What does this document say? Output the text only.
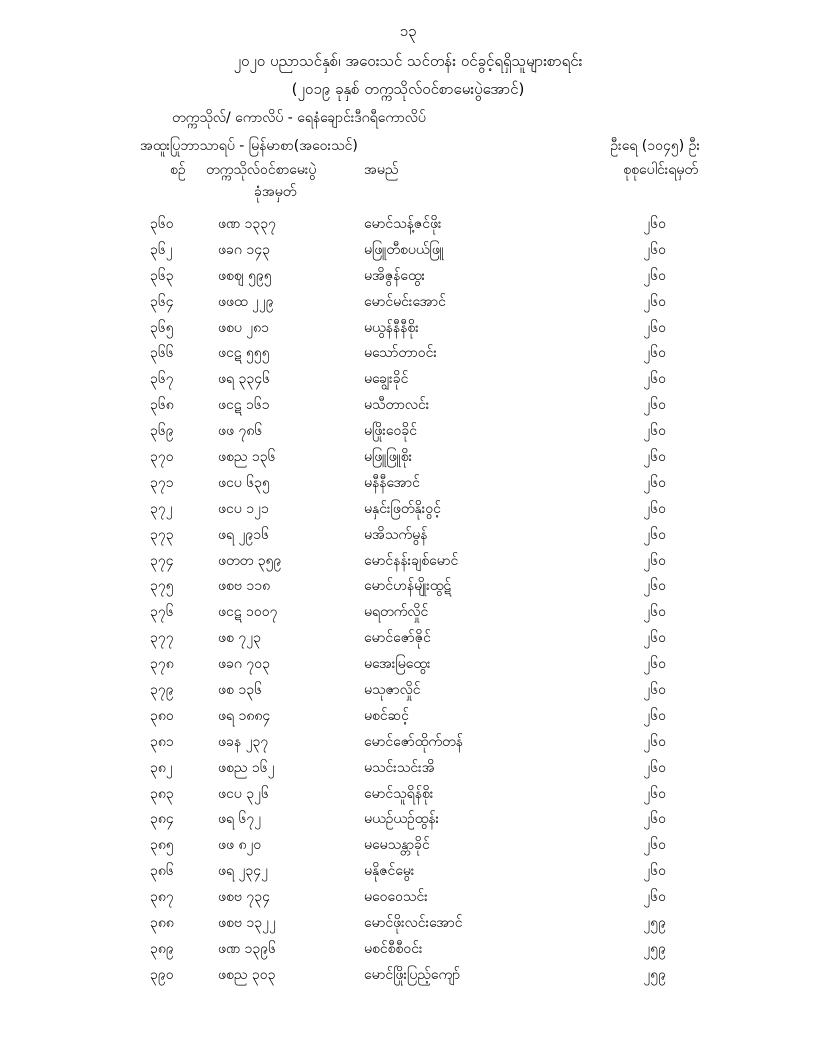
၁၃
၂၀၂၀ ပညာသင်နှစ်၊ အဝေးသင် သင်တန်း ဝင်ခွင့်ရရှိသူများစာရင်း
(၂၀၁၉ ခုနှစ် တက္ကသိုလ်ဝင်စာမေးပွဲအောင်)
တက္ကသိုလ်/ ကောလိပ် - ရေနံချောင်းဒီဂရီကောလိပ်
အထူးပြုဘာသာရပ် - မြန်မာစာ(အဝေးသင်)	ဦးရေ (၁၀၄၅) ဦး
စဉ် တက္ကသိုလ်ဝင်စာမေးပွဲ
ခုံအမှတ်
အမည်	စုစုပေါင်းရမှတ်
၃၆၀	ဖဏ ၁၃၃၇	မောင်သန့်ဇင်ဖိုး	၂၆၀
၃၆၂	ဖခဂ ၁၄၃	မဖြူတီစပယ်ဖြူ	၂၆၀
၃၆၃	ဖစဈ ၅၉၅	မအိဇွန်ထွေး	၂၆၀
၃၆၄	ဖဖထ ၂၂၉	မောင်မင်းအောင်	၂၆၀
၃၆၅	ဖစပ ၂၈၁	မယွန်နီနီစိုး	၂၆၀
၃၆၆	ဖငဋ ၅၅၅	မသော်တာဝင်း	၂၆၀
၃၆၇	ဖရ ၃၃၄၆	မချွေးခိုင်	၂၆၀
၃၆၈	ဖငဋ ၁၆၁	မသီတာလင်း	၂၆၀
၃၆၉	ဖဖ ၇၈၆	မဖြိုးဝေခိုင်	၂၆၀
၃၇၀	ဖစည ၁၃၆	မဖြူဖြူစိုး	၂၆၀
၃၇၁	ဖငပ ၆၃၅	မနီနီအောင်	၂၆၀
၃၇၂	ဖငပ ၁၂၁	မနှင်းဖြတ်နိုးဝွင့်	၂၆၀
၃၇၃	ဖရ ၂၉၁၆	မအိသက်မွန်	၂၆၀
၃၇၄	ဖတတ ၃၅၉	မောင်နန်းချစ်မောင်	၂၆၀
၃၇၅	ဖစဗ ၁၁၈	မောင်ဟန်မျိုးထွဋ်	၂၆၀
၃၇၆	ဖငဋ ၁၀၀၇	မရတက်လှိုင်	၂၆၀
၃၇၇	ဖစ ၇၂၃	မောင်ဇော်ဇိုင်	၂၆၀
၃၇၈	ဖခဂ ၇၀၃	မအေးမြထွေး	၂၆၀
၃၇၉	ဖစ ၁၃၆	မသုဇာလှိုင်	၂၆၀
၃၈၀	ဖရ ၁၈၈၄	မစင်ဆင့်	၂၆၀
၃၈၁	ဖခန ၂၃၇	မောင်ဇော်ထိုက်တန်	၂၆၀
၃၈၂	ဖစည ၁၆၂	မသင်းသင်းအိ	၂၆၀
၃၈၃	ဖငပ ၃၂၆	မောင်သူရိန်စိုး	၂၆၀
၃၈၄	ဖရ ၆၇၂	မယဉ်ယဉ်ထွန်း	၂၆၀
၃၈၅	ဖဖ ၈၂၀	မမေသန္တာခိုင်	၂၆၀
၃၈၆	ဖရ ၂၃၄၂	မနိုဇင်မွေး	၂၆၀
၃၈၇	ဖစဗ ၇၃၄	မဝေဝေသင်း	၂၆၀
၃၈၈	ဖစဗ ၁၃၂၂	မောင်ဖိုးလင်းအောင်	၂၅၉
၃၈၉	ဖဏ ၁၃၉၆	မစင်စီစီဝင်း	၂၅၉
၃၉၀	ဖစည ၃၀၃	မောင်ဖြိုးပြည့်ကျော်	၂၅၉
